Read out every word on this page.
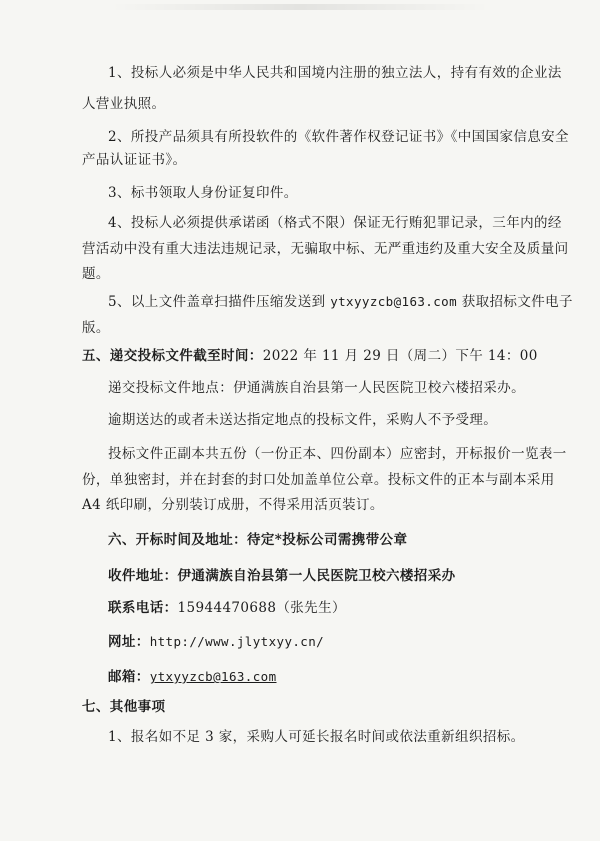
1、投标人必须是中华人民共和国境内注册的独立法人，持有有效的企业法
人营业执照。
2、所投产品须具有所投软件的《软件著作权登记证书》《中国国家信息安全
产品认证证书》。
3、标书领取人身份证复印件。
4、投标人必须提供承诺函（格式不限）保证无行贿犯罪记录，三年内的经
营活动中没有重大违法违规记录，无骗取中标、无严重违约及重大安全及质量问
题。
5、以上文件盖章扫描件压缩发送到 ytxyyzcb@163.com 获取招标文件电子
版。
五、递交投标文件截至时间：2022 年 11 月 29 日（周二）下午 14：00
递交投标文件地点：伊通满族自治县第一人民医院卫校六楼招采办。
逾期送达的或者未送达指定地点的投标文件，采购人不予受理。
投标文件正副本共五份（一份正本、四份副本）应密封，开标报价一览表一
份，单独密封，并在封套的封口处加盖单位公章。投标文件的正本与副本采用
A4 纸印刷，分别装订成册，不得采用活页装订。
六、开标时间及地址：待定*投标公司需携带公章
收件地址：伊通满族自治县第一人民医院卫校六楼招采办
联系电话：15944470688（张先生）
网址：http://www.jlytxyy.cn/
邮箱：ytxyyzcb@163.com
七、其他事项
1、报名如不足 3 家，采购人可延长报名时间或依法重新组织招标。
